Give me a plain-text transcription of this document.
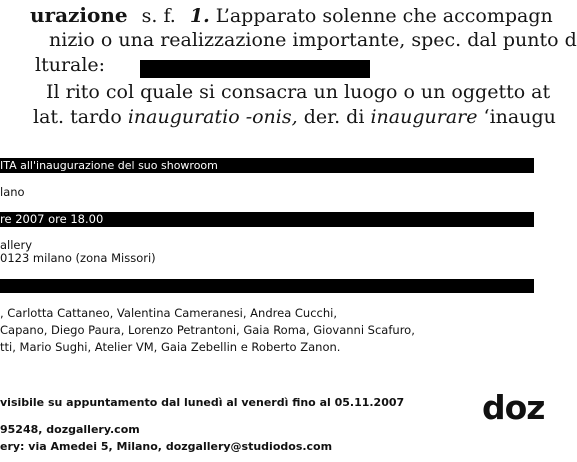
urazione s. f. 1. L’apparato solenne che accompagn
nizio o una realizzazione importante, spec. dal punto d
lturale:
Il rito col quale si consacra un luogo o un oggetto at
lat. tardo inauguratio -onis, der. di inaugurare ‘inaugu
ITA all'inaugurazione del suo showroom
lano
re 2007 ore 18.00
allery
0123 milano (zona Missori)
, Carlotta Cattaneo, Valentina Cameranesi, Andrea Cucchi,
Capano, Diego Paura, Lorenzo Petrantoni, Gaia Roma, Giovanni Scafuro,
tti, Mario Sughi, Atelier VM, Gaia Zebellin e Roberto Zanon.
visibile su appuntamento dal lunedì al venerdì fino al 05.11.2007
95248, dozgallery.com
ery: via Amedei 5, Milano, dozgallery@studiodos.com
doz
